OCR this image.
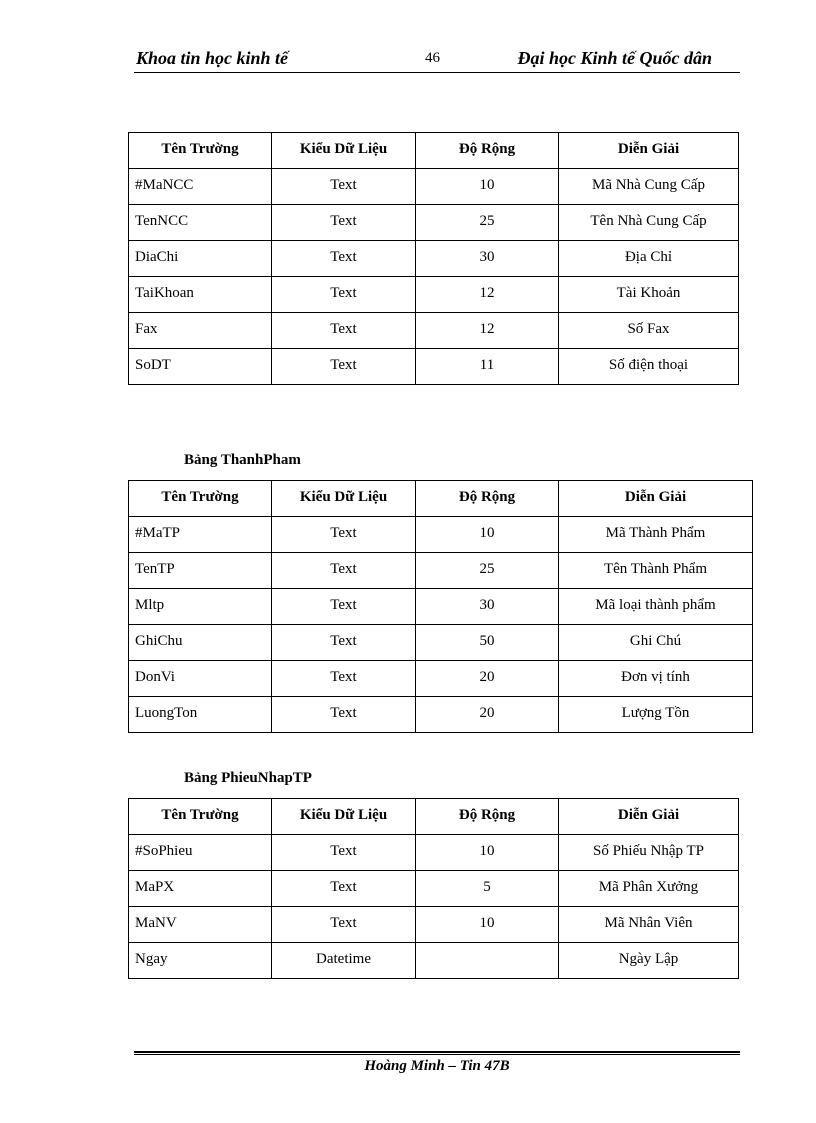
Khoa tin học kinh tế	46	Đại học Kinh tế Quốc dân
Tên Trường	Kiểu Dữ Liệu	Độ Rộng	Diễn Giải
#MaNCC	Text	10	Mã Nhà Cung Cấp
TenNCC	Text	25	Tên Nhà Cung Cấp
DiaChi	Text	30	Địa Chỉ
TaiKhoan	Text	12	Tài Khoản
Fax	Text	12	Số Fax
SoDT	Text	11	Số điện thoại
Bảng ThanhPham
Tên Trường	Kiểu Dữ Liệu	Độ Rộng	Diễn Giải
#MaTP	Text	10	Mã Thành Phẩm
TenTP	Text	25	Tên Thành Phẩm
Mltp	Text	30	Mã loại thành phẩm
GhiChu	Text	50	Ghi Chú
DonVi	Text	20	Đơn vị tính
LuongTon	Text	20	Lượng Tồn
Bảng PhieuNhapTP
Tên Trường	Kiểu Dữ Liệu	Độ Rộng	Diễn Giải
#SoPhieu	Text	10	Số Phiếu Nhập TP
MaPX	Text	5	Mã Phân Xưởng
MaNV	Text	10	Mã Nhân Viên
Ngay	Datetime		Ngày Lập
Hoàng Minh – Tin 47B
